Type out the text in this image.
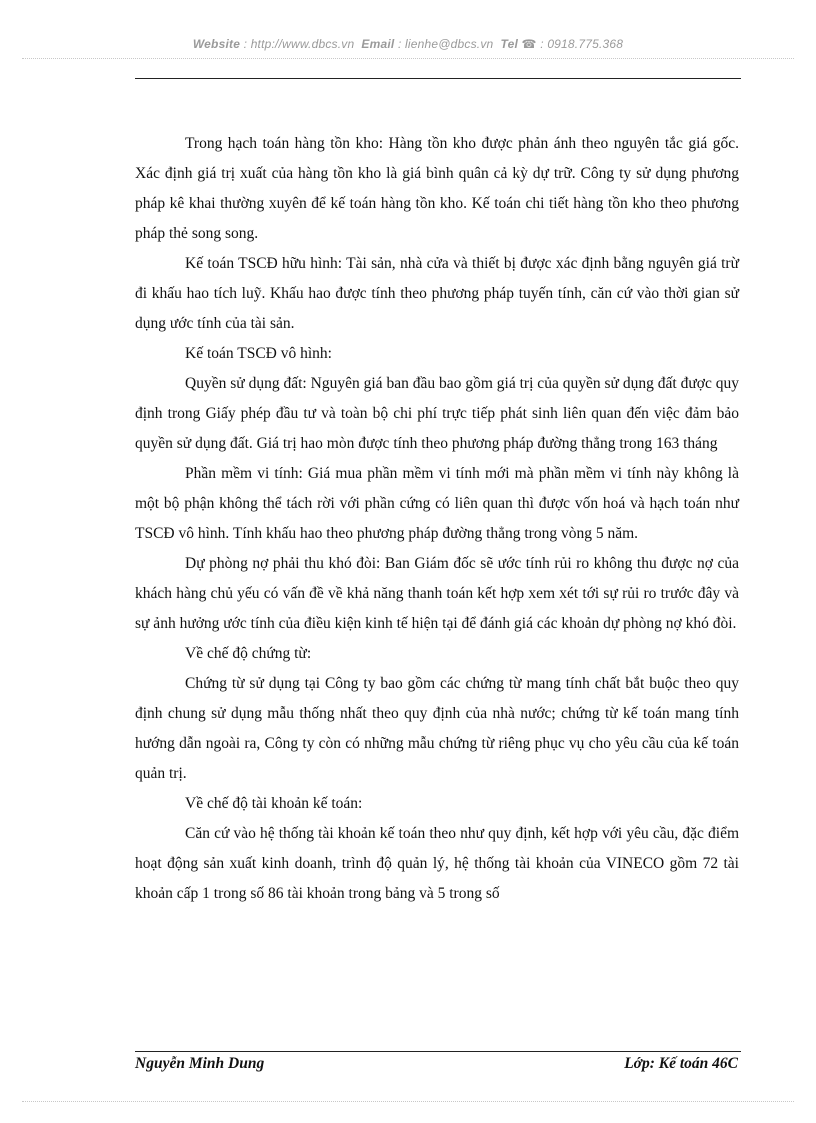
Website : http://www.dbcs.vn Email : lienhe@dbcs.vn Tel ☎ : 0918.775.368

Trong hạch toán hàng tồn kho: Hàng tồn kho được phản ánh theo nguyên tắc giá gốc. Xác định giá trị xuất của hàng tồn kho là giá bình quân cả kỳ dự trữ. Công ty sử dụng phương pháp kê khai thường xuyên để kế toán hàng tồn kho. Kế toán chi tiết hàng tồn kho theo phương pháp thẻ song song.

Kế toán TSCĐ hữu hình: Tài sản, nhà cửa và thiết bị được xác định bằng nguyên giá trừ đi khấu hao tích luỹ. Khấu hao được tính theo phương pháp tuyến tính, căn cứ vào thời gian sử dụng ước tính của tài sản.

Kế toán TSCĐ vô hình:

Quyền sử dụng đất: Nguyên giá ban đầu bao gồm giá trị của quyền sử dụng đất được quy định trong Giấy phép đầu tư và toàn bộ chi phí trực tiếp phát sinh liên quan đến việc đảm bảo quyền sử dụng đất. Giá trị hao mòn được tính theo phương pháp đường thẳng trong 163 tháng

Phần mềm vi tính: Giá mua phần mềm vi tính mới mà phần mềm vi tính này không là một bộ phận không thể tách rời với phần cứng có liên quan thì được vốn hoá và hạch toán như TSCĐ vô hình. Tính khấu hao theo phương pháp đường thẳng trong vòng 5 năm.

Dự phòng nợ phải thu khó đòi: Ban Giám đốc sẽ ước tính rủi ro không thu được nợ của khách hàng chủ yếu có vấn đề về khả năng thanh toán kết hợp xem xét tới sự rủi ro trước đây và sự ảnh hưởng ước tính của điều kiện kinh tế hiện tại để đánh giá các khoản dự phòng nợ khó đòi.

Về chế độ chứng từ:

Chứng từ sử dụng tại Công ty bao gồm các chứng từ mang tính chất bắt buộc theo quy định chung sử dụng mẫu thống nhất theo quy định của nhà nước; chứng từ kế toán mang tính hướng dẫn ngoài ra, Công ty còn có những mẫu chứng từ riêng phục vụ cho yêu cầu của kế toán quản trị.

Về chế độ tài khoản kế toán:

Căn cứ vào hệ thống tài khoản kế toán theo như quy định, kết hợp với yêu cầu, đặc điểm hoạt động sản xuất kinh doanh, trình độ quản lý, hệ thống tài khoản của VINECO gồm 72 tài khoản cấp 1 trong số 86 tài khoản trong bảng và 5 trong số

Nguyễn Minh Dung	Lớp: Kế toán 46C
